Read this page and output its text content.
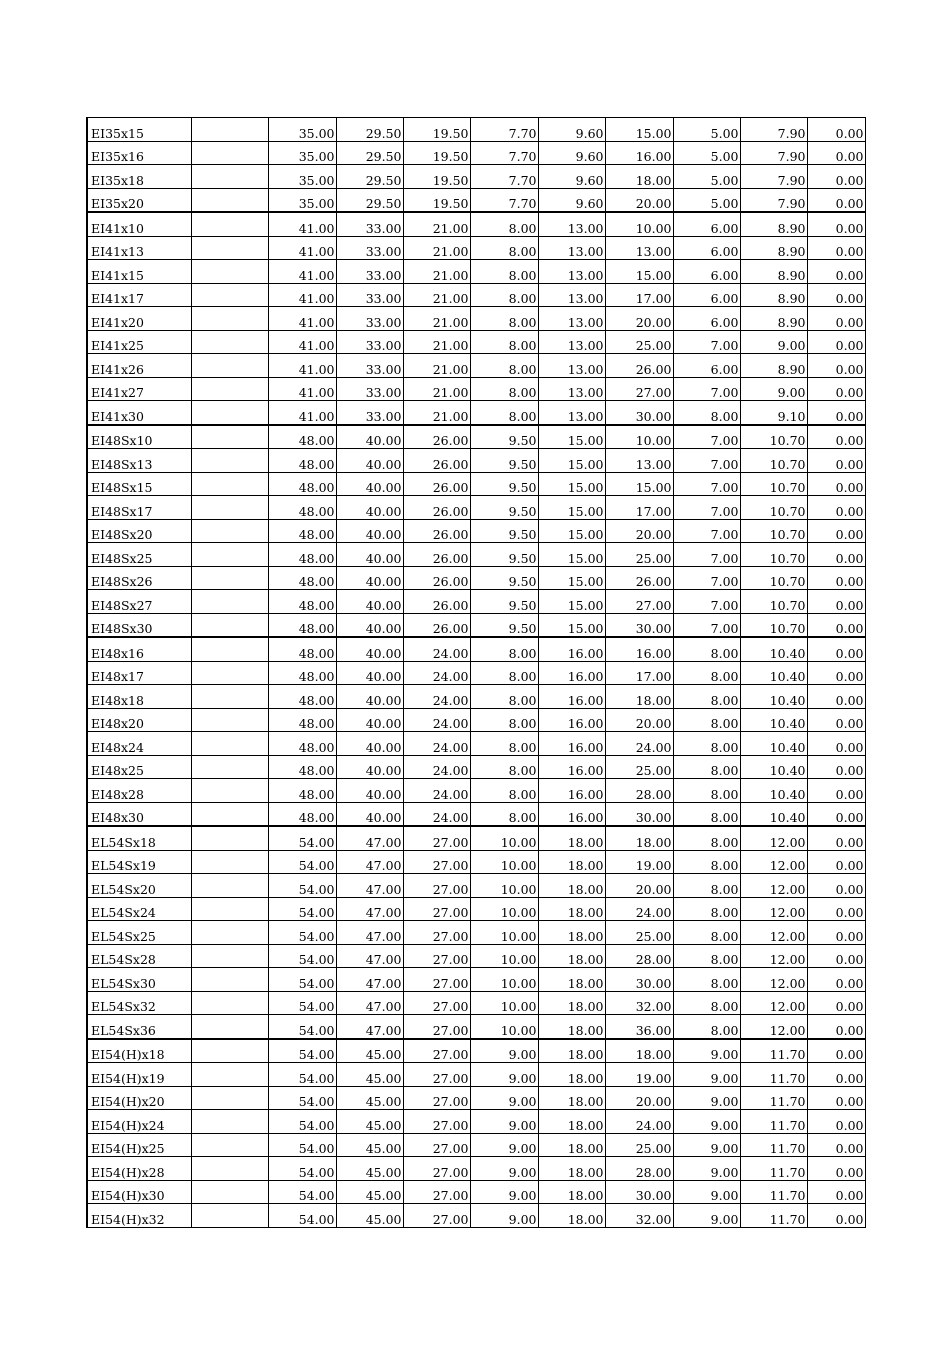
EI35x15		35.00	29.50	19.50	7.70	9.60	15.00	5.00	7.90	0.00
EI35x16		35.00	29.50	19.50	7.70	9.60	16.00	5.00	7.90	0.00
EI35x18		35.00	29.50	19.50	7.70	9.60	18.00	5.00	7.90	0.00
EI35x20		35.00	29.50	19.50	7.70	9.60	20.00	5.00	7.90	0.00
EI41x10		41.00	33.00	21.00	8.00	13.00	10.00	6.00	8.90	0.00
EI41x13		41.00	33.00	21.00	8.00	13.00	13.00	6.00	8.90	0.00
EI41x15		41.00	33.00	21.00	8.00	13.00	15.00	6.00	8.90	0.00
EI41x17		41.00	33.00	21.00	8.00	13.00	17.00	6.00	8.90	0.00
EI41x20		41.00	33.00	21.00	8.00	13.00	20.00	6.00	8.90	0.00
EI41x25		41.00	33.00	21.00	8.00	13.00	25.00	7.00	9.00	0.00
EI41x26		41.00	33.00	21.00	8.00	13.00	26.00	6.00	8.90	0.00
EI41x27		41.00	33.00	21.00	8.00	13.00	27.00	7.00	9.00	0.00
EI41x30		41.00	33.00	21.00	8.00	13.00	30.00	8.00	9.10	0.00
EI48Sx10		48.00	40.00	26.00	9.50	15.00	10.00	7.00	10.70	0.00
EI48Sx13		48.00	40.00	26.00	9.50	15.00	13.00	7.00	10.70	0.00
EI48Sx15		48.00	40.00	26.00	9.50	15.00	15.00	7.00	10.70	0.00
EI48Sx17		48.00	40.00	26.00	9.50	15.00	17.00	7.00	10.70	0.00
EI48Sx20		48.00	40.00	26.00	9.50	15.00	20.00	7.00	10.70	0.00
EI48Sx25		48.00	40.00	26.00	9.50	15.00	25.00	7.00	10.70	0.00
EI48Sx26		48.00	40.00	26.00	9.50	15.00	26.00	7.00	10.70	0.00
EI48Sx27		48.00	40.00	26.00	9.50	15.00	27.00	7.00	10.70	0.00
EI48Sx30		48.00	40.00	26.00	9.50	15.00	30.00	7.00	10.70	0.00
EI48x16		48.00	40.00	24.00	8.00	16.00	16.00	8.00	10.40	0.00
EI48x17		48.00	40.00	24.00	8.00	16.00	17.00	8.00	10.40	0.00
EI48x18		48.00	40.00	24.00	8.00	16.00	18.00	8.00	10.40	0.00
EI48x20		48.00	40.00	24.00	8.00	16.00	20.00	8.00	10.40	0.00
EI48x24		48.00	40.00	24.00	8.00	16.00	24.00	8.00	10.40	0.00
EI48x25		48.00	40.00	24.00	8.00	16.00	25.00	8.00	10.40	0.00
EI48x28		48.00	40.00	24.00	8.00	16.00	28.00	8.00	10.40	0.00
EI48x30		48.00	40.00	24.00	8.00	16.00	30.00	8.00	10.40	0.00
EL54Sx18		54.00	47.00	27.00	10.00	18.00	18.00	8.00	12.00	0.00
EL54Sx19		54.00	47.00	27.00	10.00	18.00	19.00	8.00	12.00	0.00
EL54Sx20		54.00	47.00	27.00	10.00	18.00	20.00	8.00	12.00	0.00
EL54Sx24		54.00	47.00	27.00	10.00	18.00	24.00	8.00	12.00	0.00
EL54Sx25		54.00	47.00	27.00	10.00	18.00	25.00	8.00	12.00	0.00
EL54Sx28		54.00	47.00	27.00	10.00	18.00	28.00	8.00	12.00	0.00
EL54Sx30		54.00	47.00	27.00	10.00	18.00	30.00	8.00	12.00	0.00
EL54Sx32		54.00	47.00	27.00	10.00	18.00	32.00	8.00	12.00	0.00
EL54Sx36		54.00	47.00	27.00	10.00	18.00	36.00	8.00	12.00	0.00
EI54(H)x18		54.00	45.00	27.00	9.00	18.00	18.00	9.00	11.70	0.00
EI54(H)x19		54.00	45.00	27.00	9.00	18.00	19.00	9.00	11.70	0.00
EI54(H)x20		54.00	45.00	27.00	9.00	18.00	20.00	9.00	11.70	0.00
EI54(H)x24		54.00	45.00	27.00	9.00	18.00	24.00	9.00	11.70	0.00
EI54(H)x25		54.00	45.00	27.00	9.00	18.00	25.00	9.00	11.70	0.00
EI54(H)x28		54.00	45.00	27.00	9.00	18.00	28.00	9.00	11.70	0.00
EI54(H)x30		54.00	45.00	27.00	9.00	18.00	30.00	9.00	11.70	0.00
EI54(H)x32		54.00	45.00	27.00	9.00	18.00	32.00	9.00	11.70	0.00
